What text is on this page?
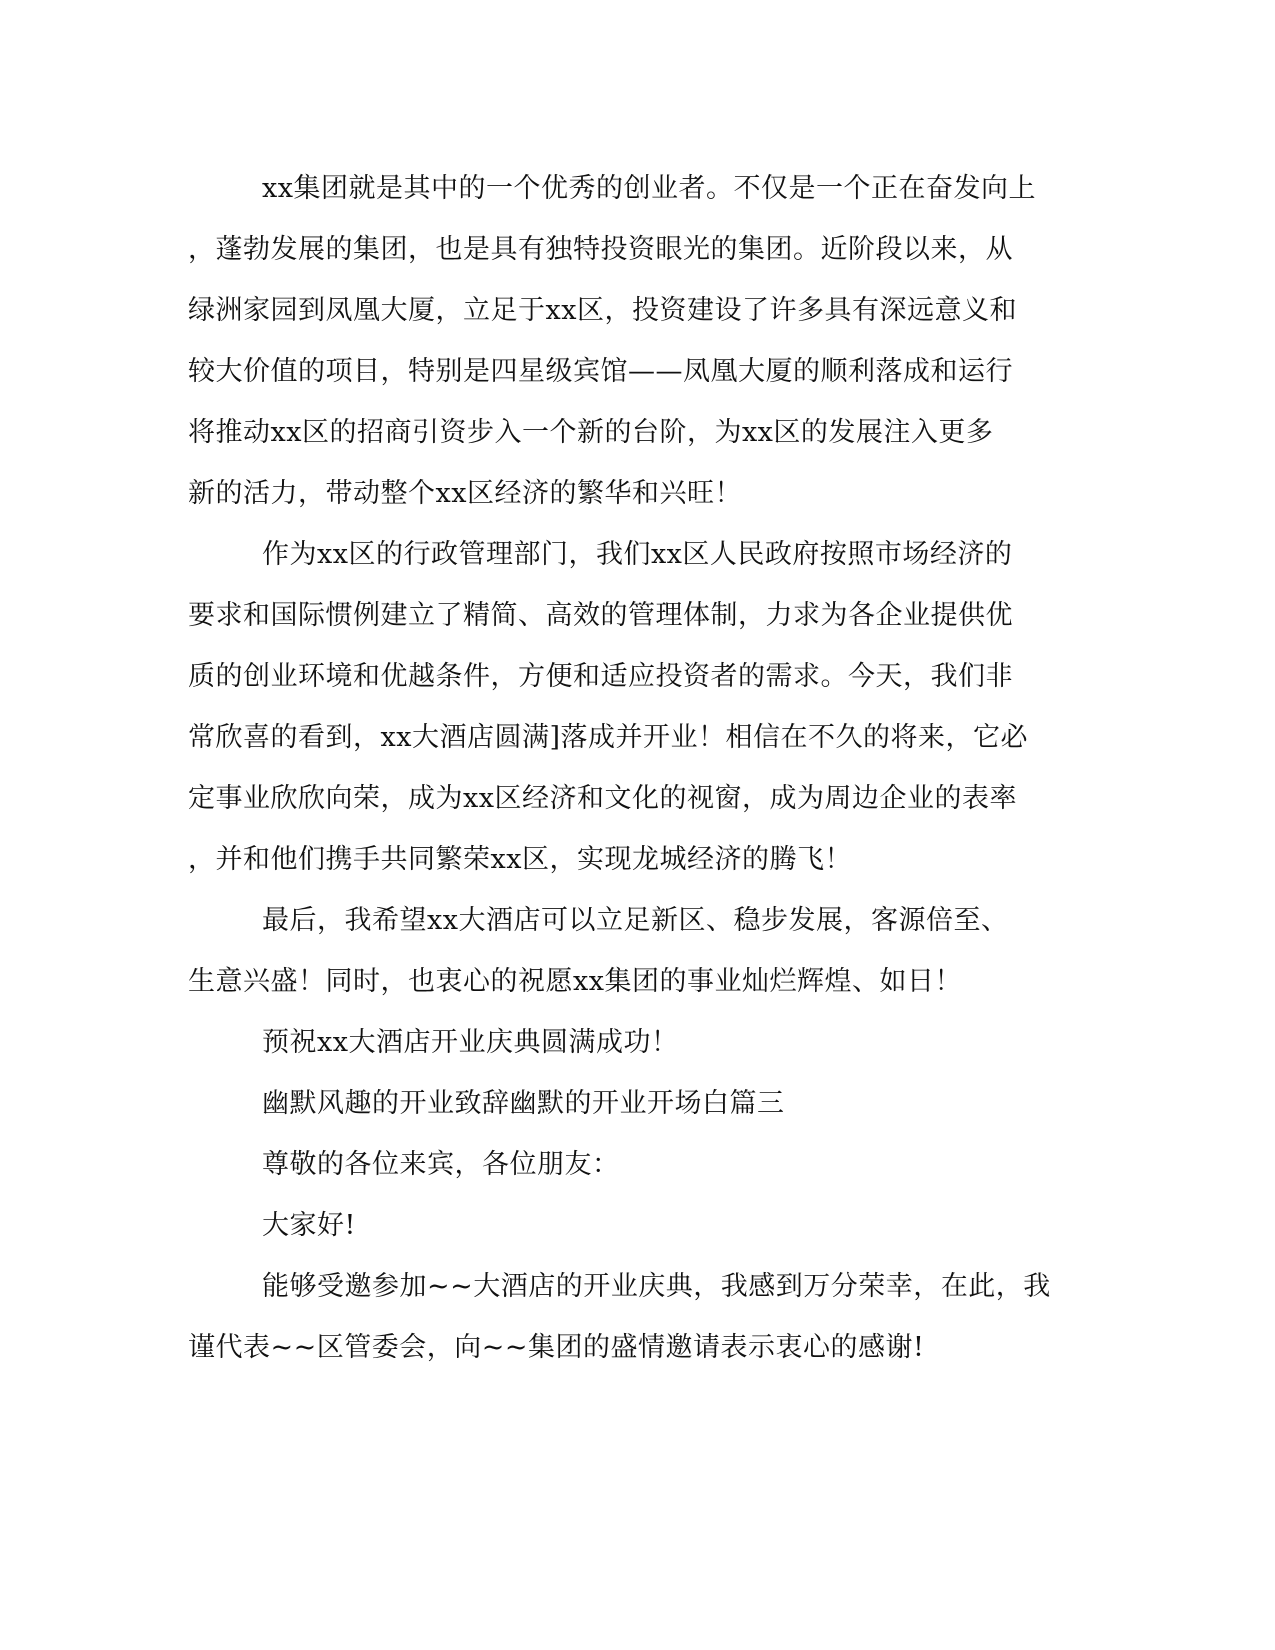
xx集团就是其中的一个优秀的创业者。不仅是一个正在奋发向上
，蓬勃发展的集团，也是具有独特投资眼光的集团。近阶段以来，从
绿洲家园到凤凰大厦，立足于xx区，投资建设了许多具有深远意义和
较大价值的项目，特别是四星级宾馆——凤凰大厦的顺利落成和运行
将推动xx区的招商引资步入一个新的台阶，为xx区的发展注入更多
新的活力，带动整个xx区经济的繁华和兴旺！
作为xx区的行政管理部门，我们xx区人民政府按照市场经济的
要求和国际惯例建立了精简、高效的管理体制，力求为各企业提供优
质的创业环境和优越条件，方便和适应投资者的需求。今天，我们非
常欣喜的看到，xx大酒店圆满]落成并开业！相信在不久的将来，它必
定事业欣欣向荣，成为xx区经济和文化的视窗，成为周边企业的表率
，并和他们携手共同繁荣xx区，实现龙城经济的腾飞！
最后，我希望xx大酒店可以立足新区、稳步发展，客源倍至、
生意兴盛！同时，也衷心的祝愿xx集团的事业灿烂辉煌、如日！
预祝xx大酒店开业庆典圆满成功！
幽默风趣的开业致辞幽默的开业开场白篇三
尊敬的各位来宾，各位朋友：
大家好!
能够受邀参加~~大酒店的开业庆典，我感到万分荣幸，在此，我
谨代表~~区管委会，向~~集团的盛情邀请表示衷心的感谢!
